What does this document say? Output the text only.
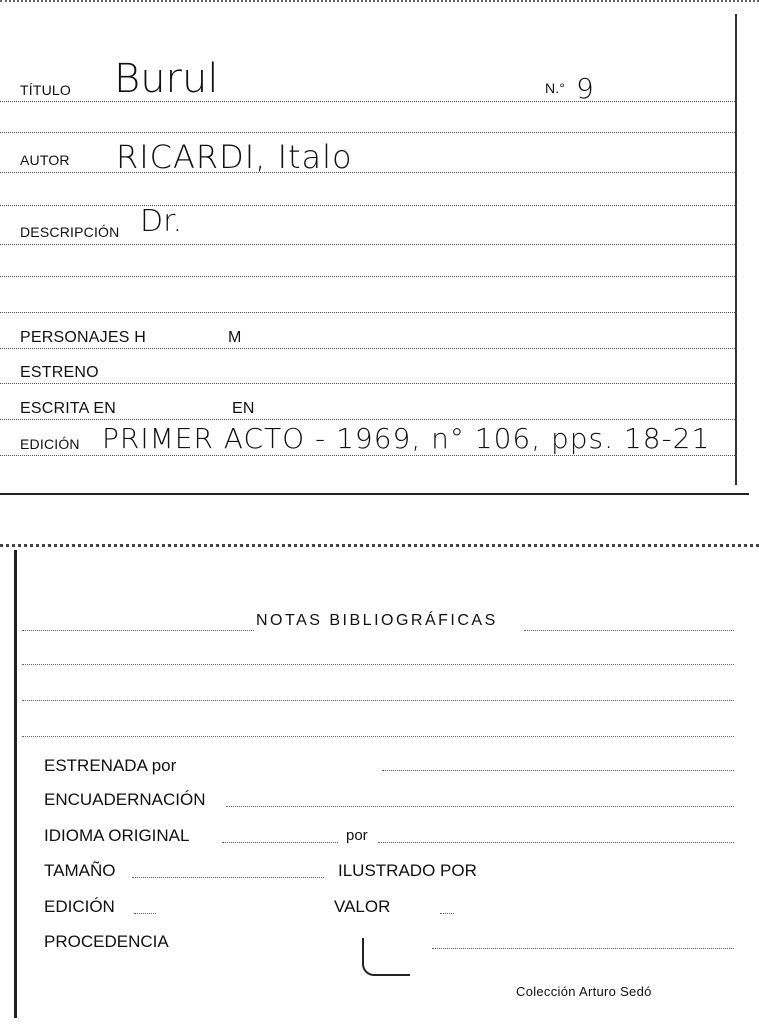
TÍTULO Burul	N.° 9
AUTOR RICARDI, Italo
DESCRIPCIÓN Dr.
PERSONAJES H	M
ESTRENO
ESCRITA EN	EN
EDICIÓN PRIMER ACTO - 1969, n° 106, pps. 18-21
NOTAS BIBLIOGRÁFICAS
ESTRENADA por
ENCUADERNACIÓN
IDIOMA ORIGINAL	por
TAMAÑO	ILUSTRADO POR
EDICIÓN	VALOR
PROCEDENCIA
Colección Arturo Sedó
